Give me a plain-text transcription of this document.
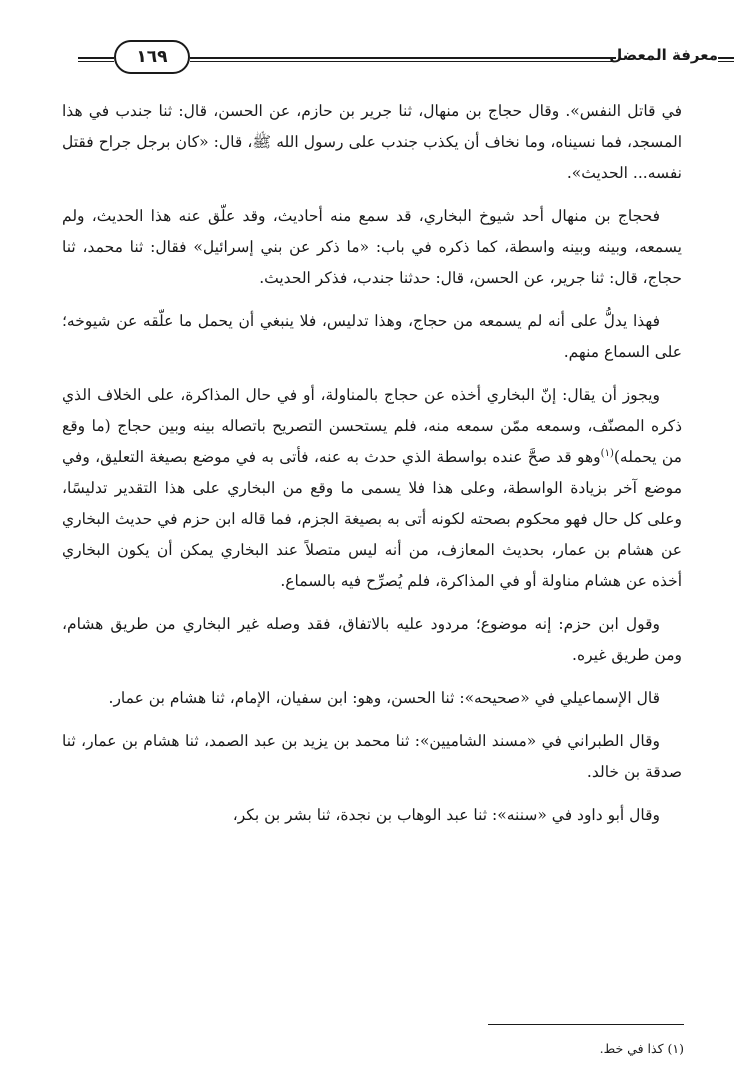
١٦٩	معرفة المعضل

في قاتل النفس». وقال حجاج بن منهال، ثنا جرير بن حازم، عن الحسن، قال: ثنا جندب في هذا المسجد، فما نسيناه، وما نخاف أن يكذب جندب على رسول الله ﷺ، قال: «كان برجل جراح فقتل نفسه... الحديث».

فحجاج بن منهال أحد شيوخ البخاري، قد سمع منه أحاديث، وقد علّق عنه هذا الحديث، ولم يسمعه، وبينه وبينه واسطة، كما ذكره في باب: «ما ذكر عن بني إسرائيل» فقال: ثنا محمد، ثنا حجاج، قال: ثنا جرير، عن الحسن، قال: حدثنا جندب، فذكر الحديث.

فهذا يدلُّ على أنه لم يسمعه من حجاج، وهذا تدليس، فلا ينبغي أن يحمل ما علّقه عن شيوخه؛ على السماع منهم.

ويجوز أن يقال: إنّ البخاري أخذه عن حجاج بالمناولة، أو في حال المذاكرة، على الخلاف الذي ذكره المصنّف، وسمعه ممّن سمعه منه، فلم يستحسن التصريح باتصاله بينه وبين حجاج (ما وقع من يحمله)$^{(١)}$وهو قد صحَّ عنده بواسطة الذي حدث به عنه، فأتى به في موضع بصيغة التعليق، وفي موضع آخر بزيادة الواسطة، وعلى هذا فلا يسمى ما وقع من البخاري على هذا التقدير تدليسًا، وعلى كل حال فهو محكوم بصحته لكونه أتى به بصيغة الجزم، فما قاله ابن حزم في حديث البخاري عن هشام بن عمار، بحديث المعازف، من أنه ليس متصلاً عند البخاري يمكن أن يكون البخاري أخذه عن هشام مناولة أو في المذاكرة، فلم يُصرِّح فيه بالسماع.

وقول ابن حزم: إنه موضوع؛ مردود عليه بالاتفاق، فقد وصله غير البخاري من طريق هشام، ومن طريق غيره.

قال الإسماعيلي في «صحيحه»: ثنا الحسن، وهو: ابن سفيان، الإمام، ثنا هشام بن عمار.

وقال الطبراني في «مسند الشاميين»: ثنا محمد بن يزيد بن عبد الصمد، ثنا هشام بن عمار، ثنا صدقة بن خالد.

وقال أبو داود في «سننه»: ثنا عبد الوهاب بن نجدة، ثنا بشر بن بكر،

(١) كذا في خط.
